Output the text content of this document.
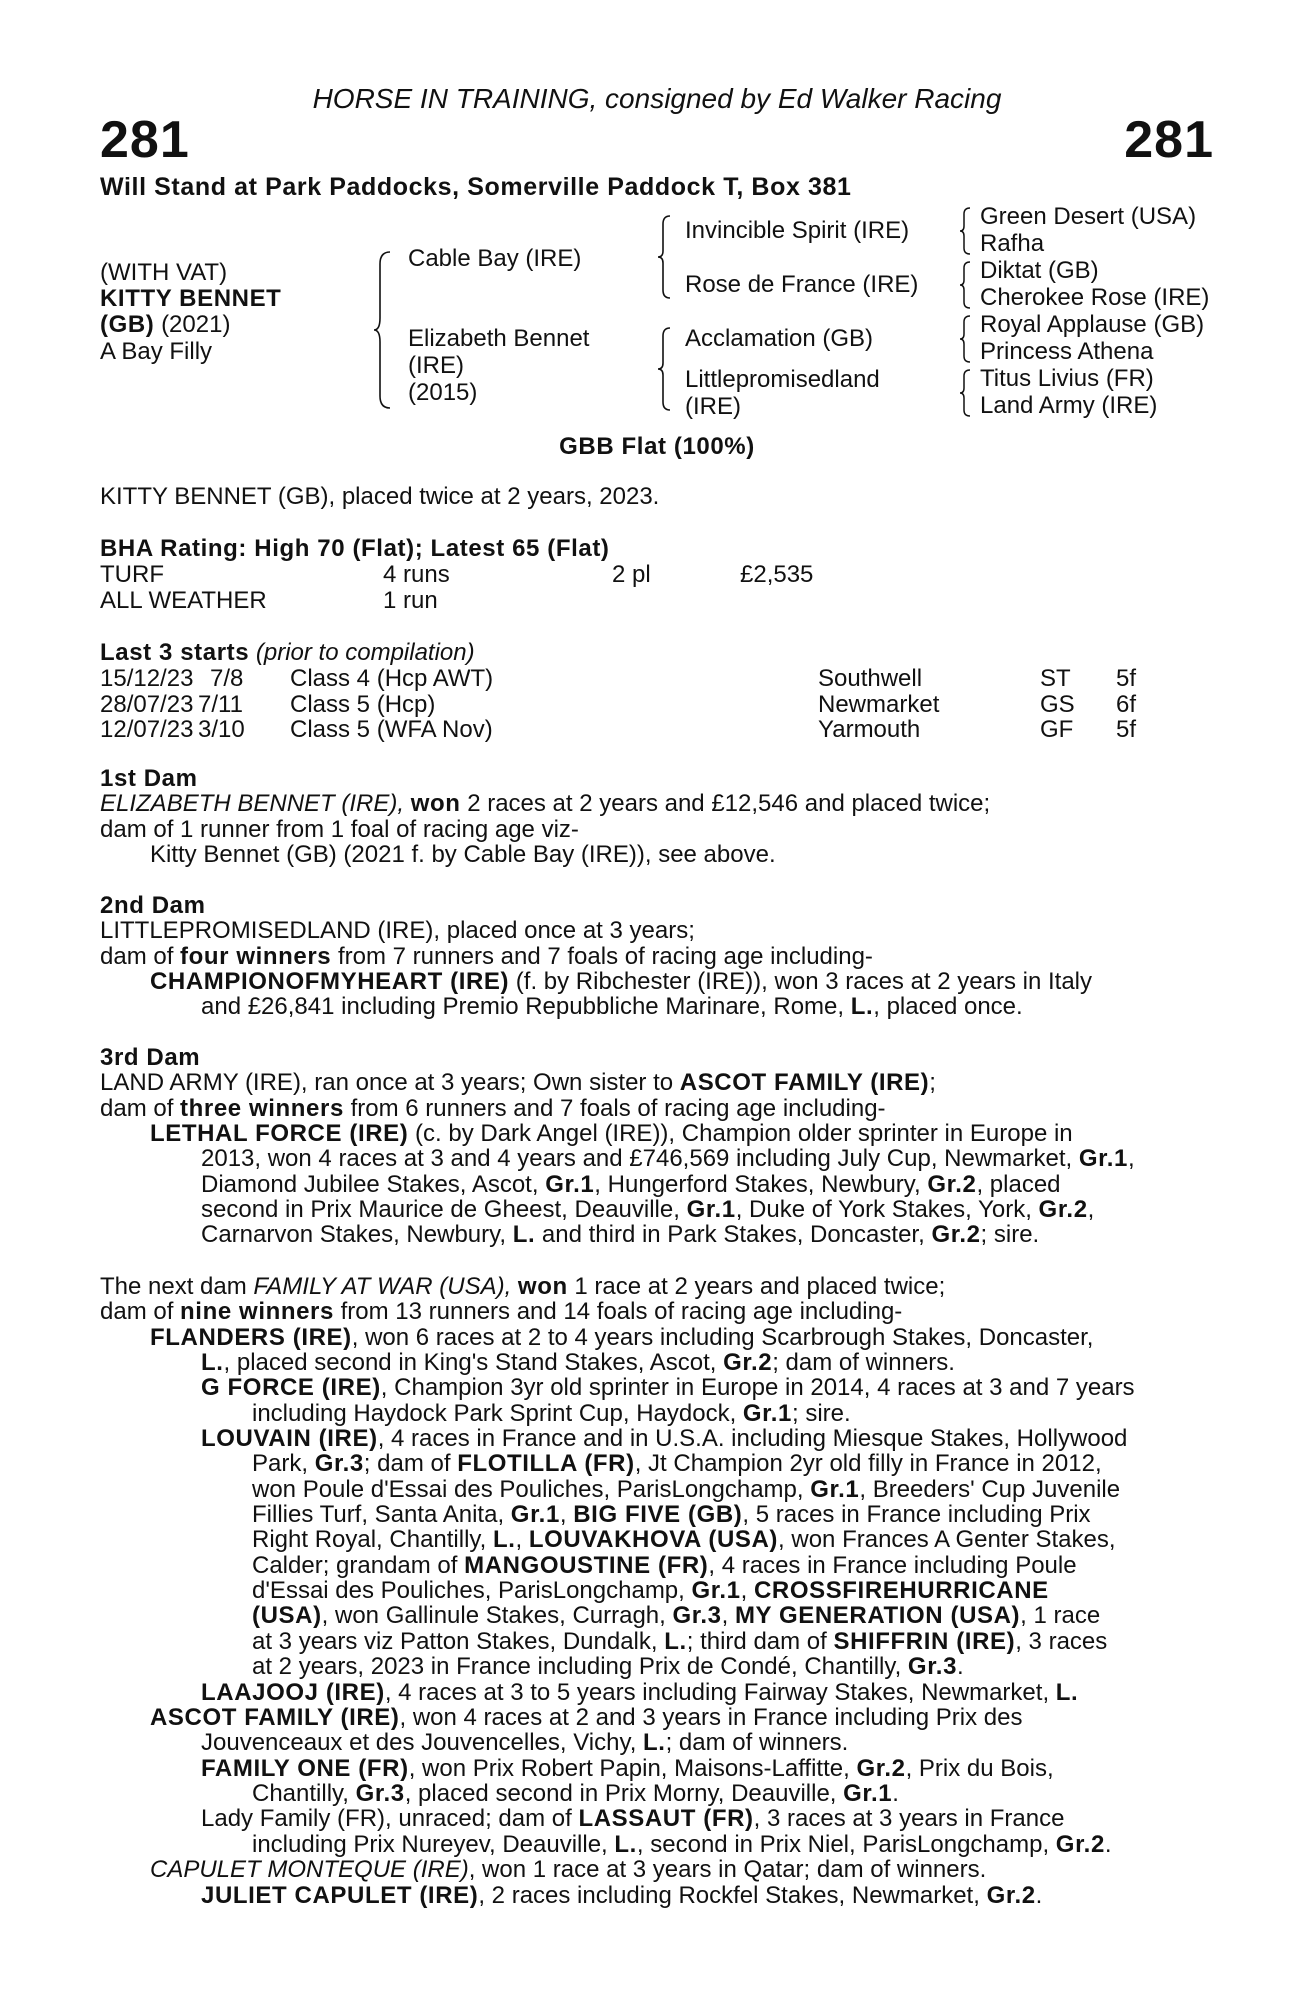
HORSE IN TRAINING, consigned by Ed Walker Racing
281	281
Will Stand at Park Paddocks, Somerville Paddock T, Box 381
(WITH VAT)
KITTY BENNET
(GB) (2021)
A Bay Filly
Cable Bay (IRE)
Elizabeth Bennet
(IRE)
(2015)
Invincible Spirit (IRE)
Rose de France (IRE)
Acclamation (GB)
Littlepromisedland
(IRE)
Green Desert (USA)
Rafha
Diktat (GB)
Cherokee Rose (IRE)
Royal Applause (GB)
Princess Athena
Titus Livius (FR)
Land Army (IRE)
GBB Flat (100%)
KITTY BENNET (GB), placed twice at 2 years, 2023.
BHA Rating: High 70 (Flat); Latest 65 (Flat)
TURF	4 runs	2 pl	£2,535
ALL WEATHER	1 run
Last 3 starts (prior to compilation)
15/12/23 7/8 Class 4 (Hcp AWT)	Southwell	ST 5f
28/07/23 7/11 Class 5 (Hcp)	Newmarket	GS 6f
12/07/23 3/10 Class 5 (WFA Nov)	Yarmouth	GF 5f
1st Dam
ELIZABETH BENNET (IRE), won 2 races at 2 years and £12,546 and placed twice;
dam of 1 runner from 1 foal of racing age viz-
Kitty Bennet (GB) (2021 f. by Cable Bay (IRE)), see above.
2nd Dam
LITTLEPROMISEDLAND (IRE), placed once at 3 years;
dam of four winners from 7 runners and 7 foals of racing age including-
CHAMPIONOFMYHEART (IRE) (f. by Ribchester (IRE)), won 3 races at 2 years in Italy
and £26,841 including Premio Repubbliche Marinare, Rome, L., placed once.
3rd Dam
LAND ARMY (IRE), ran once at 3 years; Own sister to ASCOT FAMILY (IRE);
dam of three winners from 6 runners and 7 foals of racing age including-
LETHAL FORCE (IRE) (c. by Dark Angel (IRE)), Champion older sprinter in Europe in
2013, won 4 races at 3 and 4 years and £746,569 including July Cup, Newmarket, Gr.1,
Diamond Jubilee Stakes, Ascot, Gr.1, Hungerford Stakes, Newbury, Gr.2, placed
second in Prix Maurice de Gheest, Deauville, Gr.1, Duke of York Stakes, York, Gr.2,
Carnarvon Stakes, Newbury, L. and third in Park Stakes, Doncaster, Gr.2; sire.
The next dam FAMILY AT WAR (USA), won 1 race at 2 years and placed twice;
dam of nine winners from 13 runners and 14 foals of racing age including-
FLANDERS (IRE), won 6 races at 2 to 4 years including Scarbrough Stakes, Doncaster,
L., placed second in King's Stand Stakes, Ascot, Gr.2; dam of winners.
G FORCE (IRE), Champion 3yr old sprinter in Europe in 2014, 4 races at 3 and 7 years
including Haydock Park Sprint Cup, Haydock, Gr.1; sire.
LOUVAIN (IRE), 4 races in France and in U.S.A. including Miesque Stakes, Hollywood
Park, Gr.3; dam of FLOTILLA (FR), Jt Champion 2yr old filly in France in 2012,
won Poule d'Essai des Pouliches, ParisLongchamp, Gr.1, Breeders' Cup Juvenile
Fillies Turf, Santa Anita, Gr.1, BIG FIVE (GB), 5 races in France including Prix
Right Royal, Chantilly, L., LOUVAKHOVA (USA), won Frances A Genter Stakes,
Calder; grandam of MANGOUSTINE (FR), 4 races in France including Poule
d'Essai des Pouliches, ParisLongchamp, Gr.1, CROSSFIREHURRICANE
(USA), won Gallinule Stakes, Curragh, Gr.3, MY GENERATION (USA), 1 race
at 3 years viz Patton Stakes, Dundalk, L.; third dam of SHIFFRIN (IRE), 3 races
at 2 years, 2023 in France including Prix de Condé, Chantilly, Gr.3.
LAAJOOJ (IRE), 4 races at 3 to 5 years including Fairway Stakes, Newmarket, L.
ASCOT FAMILY (IRE), won 4 races at 2 and 3 years in France including Prix des
Jouvenceaux et des Jouvencelles, Vichy, L.; dam of winners.
FAMILY ONE (FR), won Prix Robert Papin, Maisons-Laffitte, Gr.2, Prix du Bois,
Chantilly, Gr.3, placed second in Prix Morny, Deauville, Gr.1.
Lady Family (FR), unraced; dam of LASSAUT (FR), 3 races at 3 years in France
including Prix Nureyev, Deauville, L., second in Prix Niel, ParisLongchamp, Gr.2.
CAPULET MONTEQUE (IRE), won 1 race at 3 years in Qatar; dam of winners.
JULIET CAPULET (IRE), 2 races including Rockfel Stakes, Newmarket, Gr.2.
